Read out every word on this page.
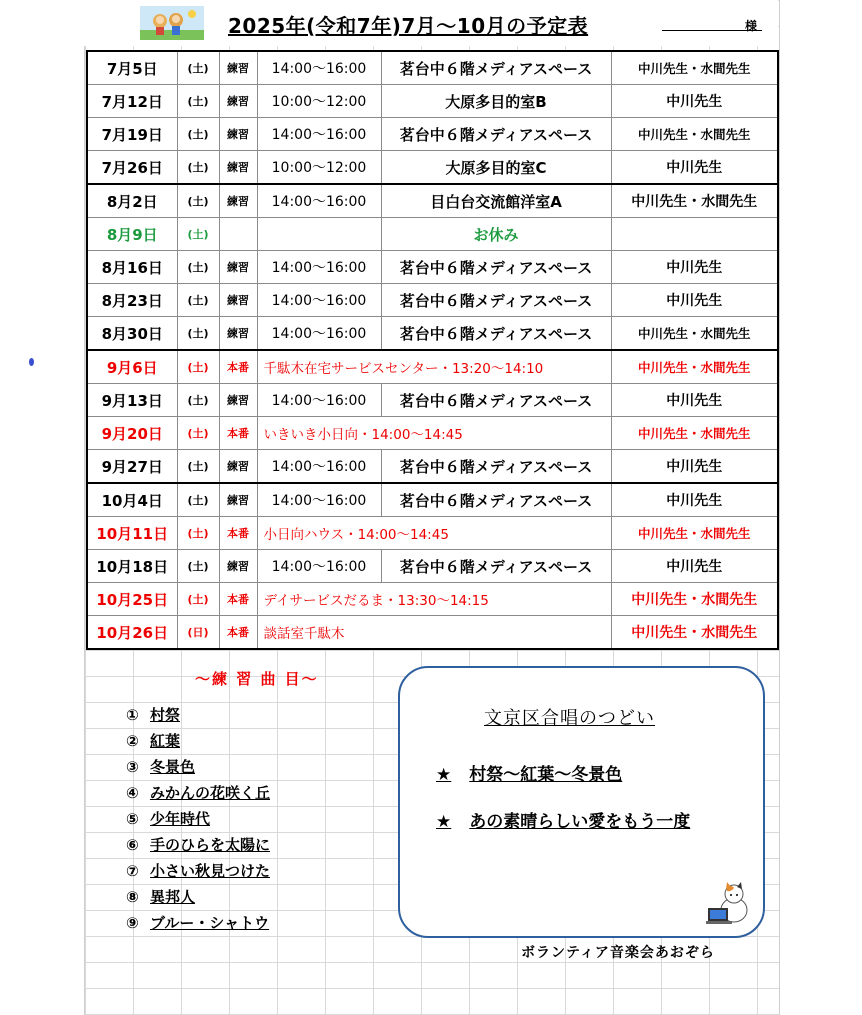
2025年(令和7年)7月～10月の予定表	様
7月5日	(土)	練習	14:00～16:00	茗台中６階メディアスペース	中川先生・水間先生
7月12日	(土)	練習	10:00～12:00	大原多目的室B	中川先生
7月19日	(土)	練習	14:00～16:00	茗台中６階メディアスペース	中川先生・水間先生
7月26日	(土)	練習	10:00～12:00	大原多目的室C	中川先生
8月2日	(土)	練習	14:00～16:00	目白台交流館洋室A	中川先生・水間先生
8月9日	(土)			お休み	
8月16日	(土)	練習	14:00～16:00	茗台中６階メディアスペース	中川先生
8月23日	(土)	練習	14:00～16:00	茗台中６階メディアスペース	中川先生
8月30日	(土)	練習	14:00～16:00	茗台中６階メディアスペース	中川先生・水間先生
9月6日	(土)	本番	千駄木在宅サービスセンター・13:20～14:10		中川先生・水間先生
9月13日	(土)	練習	14:00～16:00	茗台中６階メディアスペース	中川先生
9月20日	(土)	本番	いきいき小日向・14:00～14:45		中川先生・水間先生
9月27日	(土)	練習	14:00～16:00	茗台中６階メディアスペース	中川先生
10月4日	(土)	練習	14:00～16:00	茗台中６階メディアスペース	中川先生
10月11日	(土)	本番	小日向ハウス・14:00～14:45		中川先生・水間先生
10月18日	(土)	練習	14:00～16:00	茗台中６階メディアスペース	中川先生
10月25日	(土)	本番	デイサービスだるま・13:30～14:15		中川先生・水間先生
10月26日	(日)	本番	談話室千駄木		中川先生・水間先生
～練 習 曲 目～
① 村祭
② 紅葉
③ 冬景色
④ みかんの花咲く丘
⑤ 少年時代
⑥ 手のひらを太陽に
⑦ 小さい秋見つけた
⑧ 異邦人
⑨ ブルー・シャトウ
文京区合唱のつどい
★ 村祭～紅葉～冬景色
★ あの素晴らしい愛をもう一度
ボランティア音楽会あおぞら
